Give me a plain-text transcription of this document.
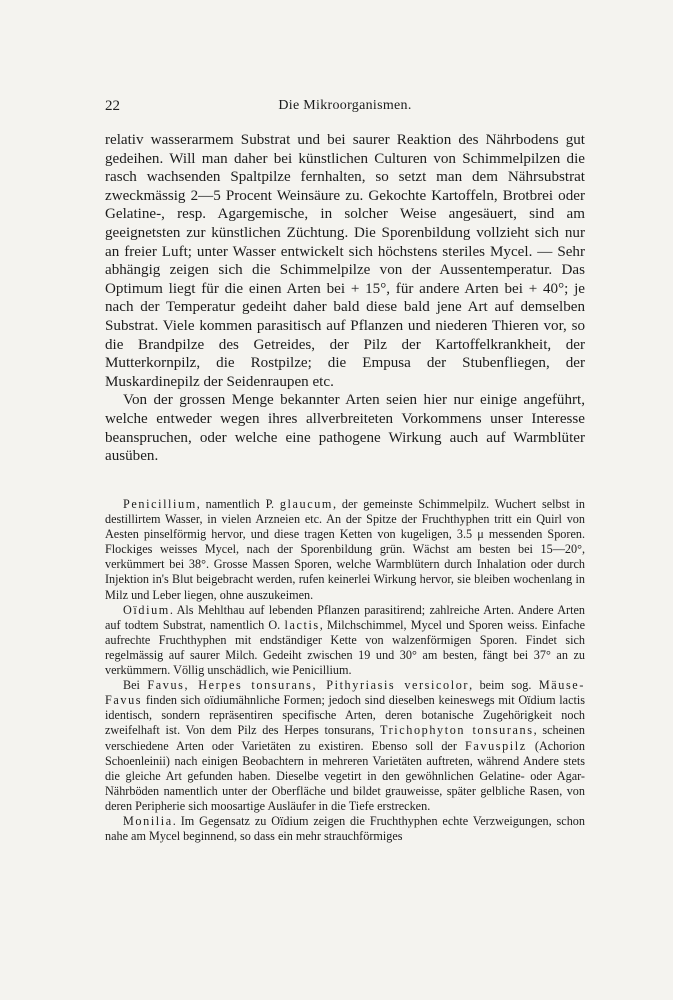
22	Die Mikroorganismen.

relativ wasserarmem Substrat und bei saurer Reaktion des Nährbodens gut gedeihen. Will man daher bei künstlichen Culturen von Schimmelpilzen die rasch wachsenden Spaltpilze fernhalten, so setzt man dem Nährsubstrat zweckmässig 2—5 Procent Weinsäure zu. Gekochte Kartoffeln, Brotbrei oder Gelatine-, resp. Agargemische, in solcher Weise angesäuert, sind am geeignetsten zur künstlichen Züchtung. Die Sporenbildung vollzieht sich nur an freier Luft; unter Wasser entwickelt sich höchstens steriles Mycel. — Sehr abhängig zeigen sich die Schimmelpilze von der Aussentemperatur. Das Optimum liegt für die einen Arten bei + 15°, für andere Arten bei + 40°; je nach der Temperatur gedeiht daher bald diese bald jene Art auf demselben Substrat. Viele kommen parasitisch auf Pflanzen und niederen Thieren vor, so die Brandpilze des Getreides, der Pilz der Kartoffelkrankheit, der Mutterkornpilz, die Rostpilze; die Empusa der Stubenfliegen, der Muskardinepilz der Seidenraupen etc.

Von der grossen Menge bekannter Arten seien hier nur einige angeführt, welche entweder wegen ihres allverbreiteten Vorkommens unser Interesse beanspruchen, oder welche eine pathogene Wirkung auch auf Warmblüter ausüben.

Penicillium, namentlich P. glaucum, der gemeinste Schimmelpilz. Wuchert selbst in destillirtem Wasser, in vielen Arzneien etc. An der Spitze der Fruchthyphen tritt ein Quirl von Aesten pinselförmig hervor, und diese tragen Ketten von kugeligen, 3.5 μ messenden Sporen. Flockiges weisses Mycel, nach der Sporenbildung grün. Wächst am besten bei 15—20°, verkümmert bei 38°. Grosse Massen Sporen, welche Warmblütern durch Inhalation oder durch Injektion in's Blut beigebracht werden, rufen keinerlei Wirkung hervor, sie bleiben wochenlang in Milz und Leber liegen, ohne auszukeimen.

Oïdium. Als Mehlthau auf lebenden Pflanzen parasitirend; zahlreiche Arten. Andere Arten auf todtem Substrat, namentlich O. lactis, Milchschimmel, Mycel und Sporen weiss. Einfache aufrechte Fruchthyphen mit endständiger Kette von walzenförmigen Sporen. Findet sich regelmässig auf saurer Milch. Gedeiht zwischen 19 und 30° am besten, fängt bei 37° an zu verkümmern. Völlig unschädlich, wie Penicillium.

Bei Favus, Herpes tonsurans, Pithyriasis versicolor, beim sog. Mäuse-Favus finden sich oïdiumähnliche Formen; jedoch sind dieselben keineswegs mit Oïdium lactis identisch, sondern repräsentiren specifische Arten, deren botanische Zugehörigkeit noch zweifelhaft ist. Von dem Pilz des Herpes tonsurans, Trichophyton tonsurans, scheinen verschiedene Arten oder Varietäten zu existiren. Ebenso soll der Favuspilz (Achorion Schoenleinii) nach einigen Beobachtern in mehreren Varietäten auftreten, während Andere stets die gleiche Art gefunden haben. Dieselbe vegetirt in den gewöhnlichen Gelatine- oder Agar-Nährböden namentlich unter der Oberfläche und bildet grauweisse, später gelbliche Rasen, von deren Peripherie sich moosartige Ausläufer in die Tiefe erstrecken.

Monilia. Im Gegensatz zu Oïdium zeigen die Fruchthyphen echte Verzweigungen, schon nahe am Mycel beginnend, so dass ein mehr strauchförmiges
